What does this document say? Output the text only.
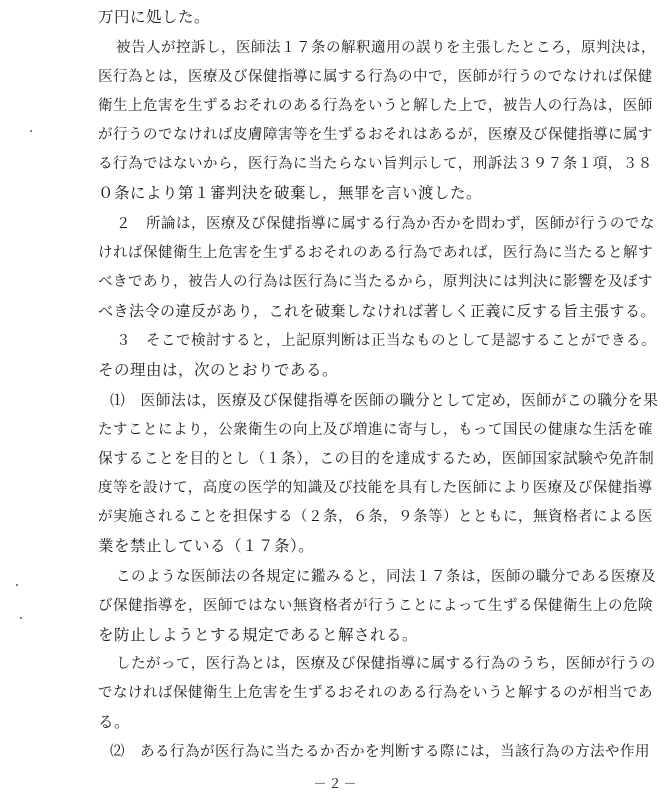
万円に処した。
被告人が控訴し，医師法１７条の解釈適用の誤りを主張したところ，原判決は，
医行為とは，医療及び保健指導に属する行為の中で，医師が行うのでなければ保健
衛生上危害を生ずるおそれのある行為をいうと解した上で，被告人の行為は，医師
が行うのでなければ皮膚障害等を生ずるおそれはあるが，医療及び保健指導に属す
る行為ではないから，医行為に当たらない旨判示して，刑訴法３９７条１項，３８
０条により第１審判決を破棄し，無罪を言い渡した。
２　所論は，医療及び保健指導に属する行為か否かを問わず，医師が行うのでな
ければ保健衛生上危害を生ずるおそれのある行為であれば，医行為に当たると解す
べきであり，被告人の行為は医行為に当たるから，原判決には判決に影響を及ぼす
べき法令の違反があり，これを破棄しなければ著しく正義に反する旨主張する。
３　そこで検討すると，上記原判断は正当なものとして是認することができる。
その理由は，次のとおりである。
⑴　医師法は，医療及び保健指導を医師の職分として定め，医師がこの職分を果
たすことにより，公衆衛生の向上及び増進に寄与し，もって国民の健康な生活を確
保することを目的とし（１条），この目的を達成するため，医師国家試験や免許制
度等を設けて，高度の医学的知識及び技能を具有した医師により医療及び保健指導
が実施されることを担保する（２条，６条，９条等）とともに，無資格者による医
業を禁止している（１７条）。
このような医師法の各規定に鑑みると，同法１７条は，医師の職分である医療及
び保健指導を，医師ではない無資格者が行うことによって生ずる保健衛生上の危険
を防止しようとする規定であると解される。
したがって，医行為とは，医療及び保健指導に属する行為のうち，医師が行うの
でなければ保健衛生上危害を生ずるおそれのある行為をいうと解するのが相当であ
る。
⑵　ある行為が医行為に当たるか否かを判断する際には，当該行為の方法や作用
－２－
